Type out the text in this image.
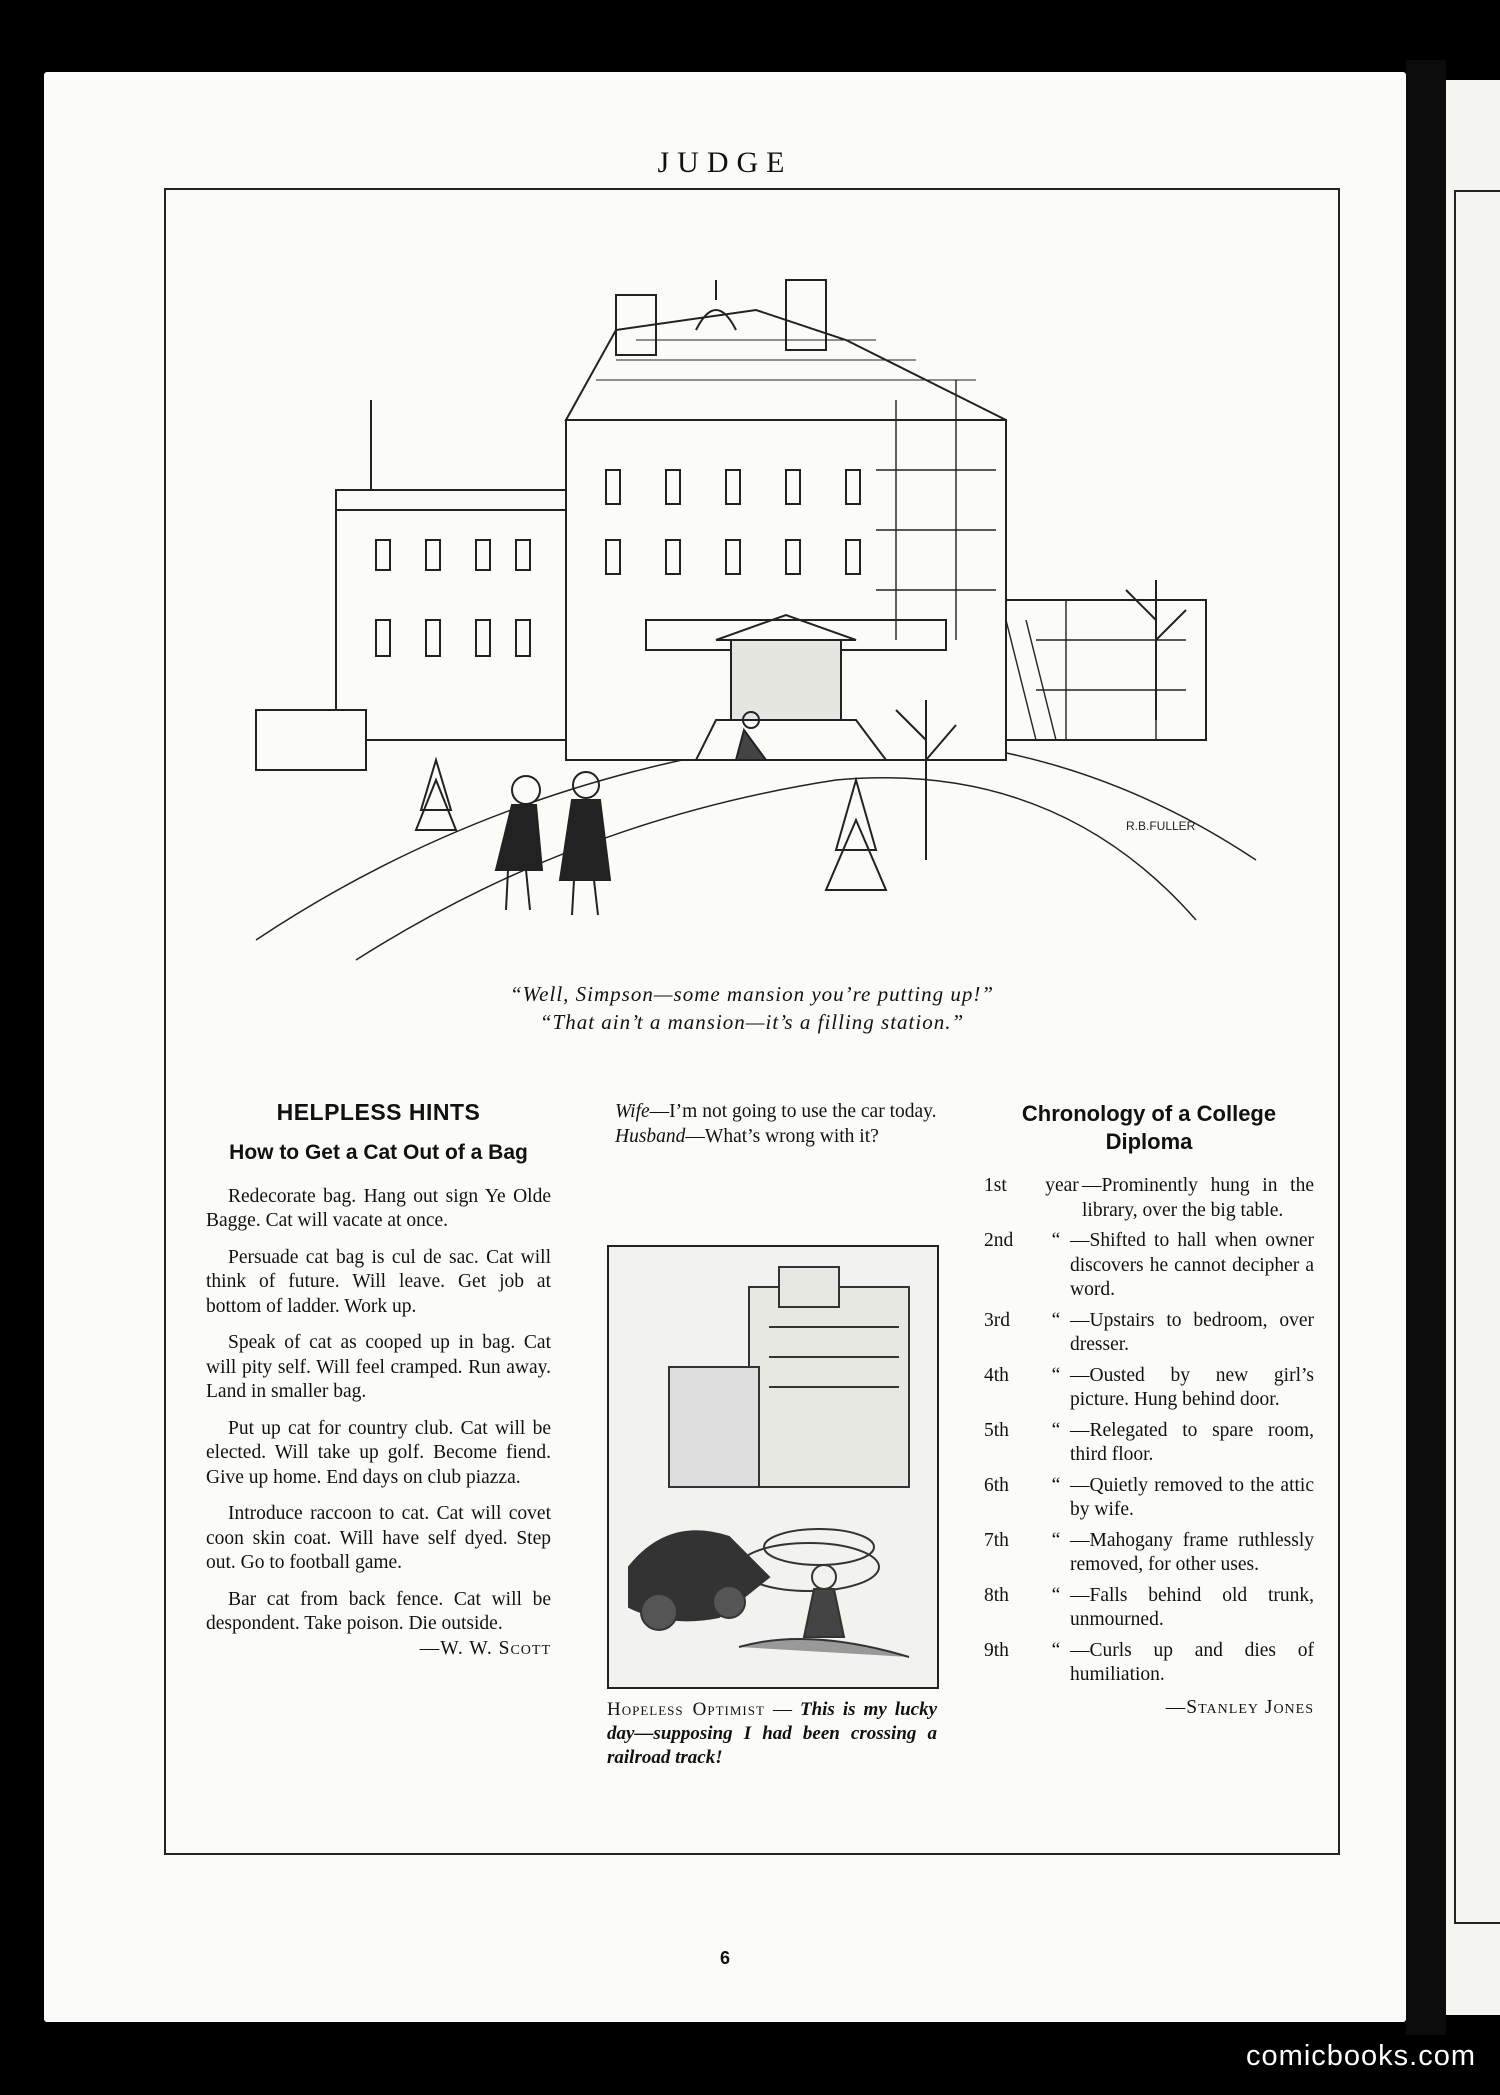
JUDGE
R.B.FULLER
“Well, Simpson—some mansion you’re putting up!”
“That ain’t a mansion—it’s a filling station.”
HELPLESS HINTS
How to Get a Cat Out of a Bag

Redecorate bag. Hang out sign Ye Olde Bagge. Cat will vacate at once.

Persuade cat bag is cul de sac. Cat will think of future. Will leave. Get job at bottom of ladder. Work up.

Speak of cat as cooped up in bag. Cat will pity self. Will feel cramped. Run away. Land in smaller bag.

Put up cat for country club. Cat will be elected. Will take up golf. Become fiend. Give up home. End days on club piazza.

Introduce raccoon to cat. Cat will covet coon skin coat. Will have self dyed. Step out. Go to football game.

Bar cat from back fence. Cat will be despondent. Take poison. Die outside.

—W. W. Scott

Wife—I’m not going to use the car today.

Husband—What’s wrong with it?

Hopeless Optimist — This is my lucky day—supposing I had been crossing a railroad track!
Chronology of a College Diploma
1st	year —Prominently hung in the library, over the big table.
2nd	“ —Shifted to hall when owner discovers he cannot decipher a word.
3rd	“ —Upstairs to bedroom, over dresser.
4th	“ —Ousted by new girl’s picture. Hung behind door.
5th	“ —Relegated to spare room, third floor.
6th	“ —Quietly removed to the attic by wife.
7th	“ —Mahogany frame ruthlessly removed, for other uses.
8th	“ —Falls behind old trunk, unmourned.
9th	“ —Curls up and dies of humiliation.
—Stanley Jones
6
comicbooks.com
